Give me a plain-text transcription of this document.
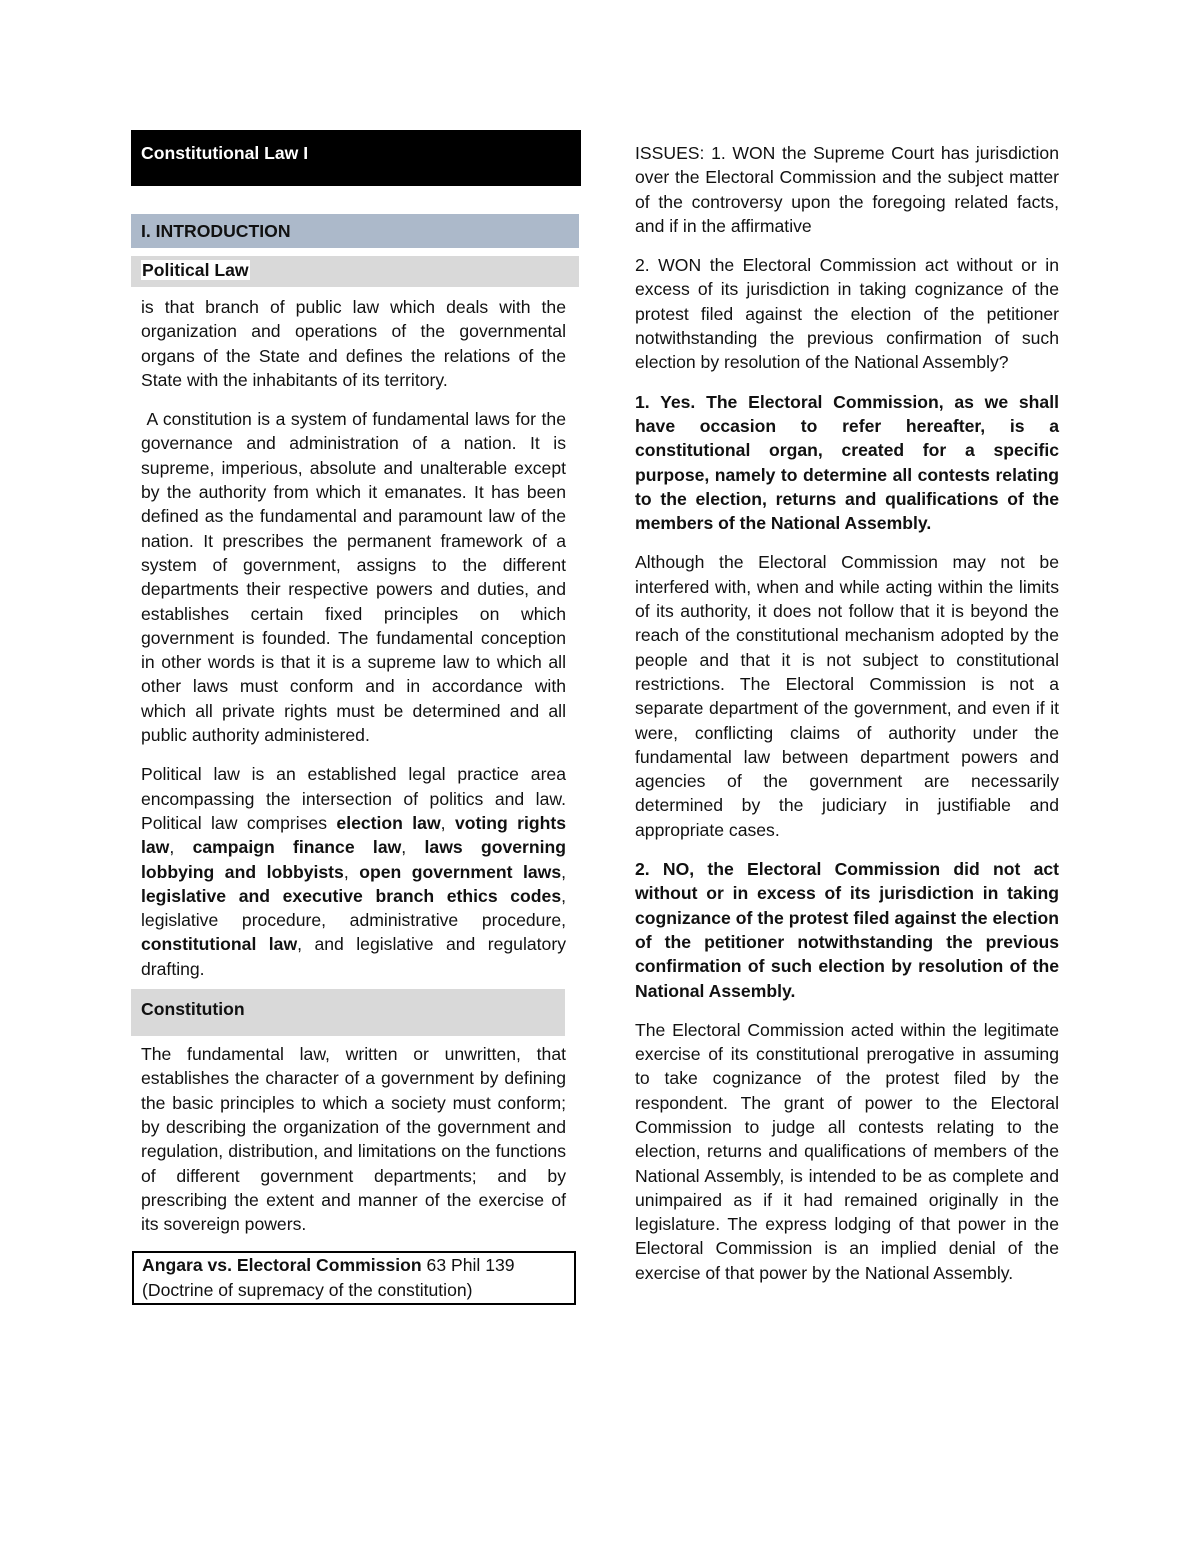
Constitutional Law I
I. INTRODUCTION
Political Law

is that branch of public law which deals with the organization and operations of the governmental organs of the State and defines the relations of the State with the inhabitants of its territory.

A constitution is a system of fundamental laws for the governance and administration of a nation. It is supreme, imperious, absolute and unalterable except by the authority from which it emanates. It has been defined as the fundamental and paramount law of the nation. It prescribes the permanent framework of a system of government, assigns to the different departments their respective powers and duties, and establishes certain fixed principles on which government is founded. The fundamental conception in other words is that it is a supreme law to which all other laws must conform and in accordance with which all private rights must be determined and all public authority administered.

Political law is an established legal practice area encompassing the intersection of politics and law. Political law comprises election law, voting rights law, campaign finance law, laws governing lobbying and lobbyists, open government laws, legislative and executive branch ethics codes, legislative procedure, administrative procedure, constitutional law, and legislative and regulatory drafting.

Constitution

The fundamental law, written or unwritten, that establishes the character of a government by defining the basic principles to which a society must conform; by describing the organization of the government and regulation, distribution, and limitations on the functions of different government departments; and by prescribing the extent and manner of the exercise of its sovereign powers.

Angara vs. Electoral Commission 63 Phil 139
(Doctrine of supremacy of the constitution)

ISSUES: 1. WON the Supreme Court has jurisdiction over the Electoral Commission and the subject matter of the controversy upon the foregoing related facts, and if in the affirmative

2. WON the Electoral Commission act without or in excess of its jurisdiction in taking cognizance of the protest filed against the election of the petitioner notwithstanding the previous confirmation of such election by resolution of the National Assembly?

1. Yes. The Electoral Commission, as we shall have occasion to refer hereafter, is a constitutional organ, created for a specific purpose, namely to determine all contests relating to the election, returns and qualifications of the members of the National Assembly.

Although the Electoral Commission may not be interfered with, when and while acting within the limits of its authority, it does not follow that it is beyond the reach of the constitutional mechanism adopted by the people and that it is not subject to constitutional restrictions. The Electoral Commission is not a separate department of the government, and even if it were, conflicting claims of authority under the fundamental law between department powers and agencies of the government are necessarily determined by the judiciary in justifiable and appropriate cases.

2. NO, the Electoral Commission did not act without or in excess of its jurisdiction in taking cognizance of the protest filed against the election of the petitioner notwithstanding the previous confirmation of such election by resolution of the National Assembly.

The Electoral Commission acted within the legitimate exercise of its constitutional prerogative in assuming to take cognizance of the protest filed by the respondent. The grant of power to the Electoral Commission to judge all contests relating to the election, returns and qualifications of members of the National Assembly, is intended to be as complete and unimpaired as if it had remained originally in the legislature. The express lodging of that power in the Electoral Commission is an implied denial of the exercise of that power by the National Assembly.
